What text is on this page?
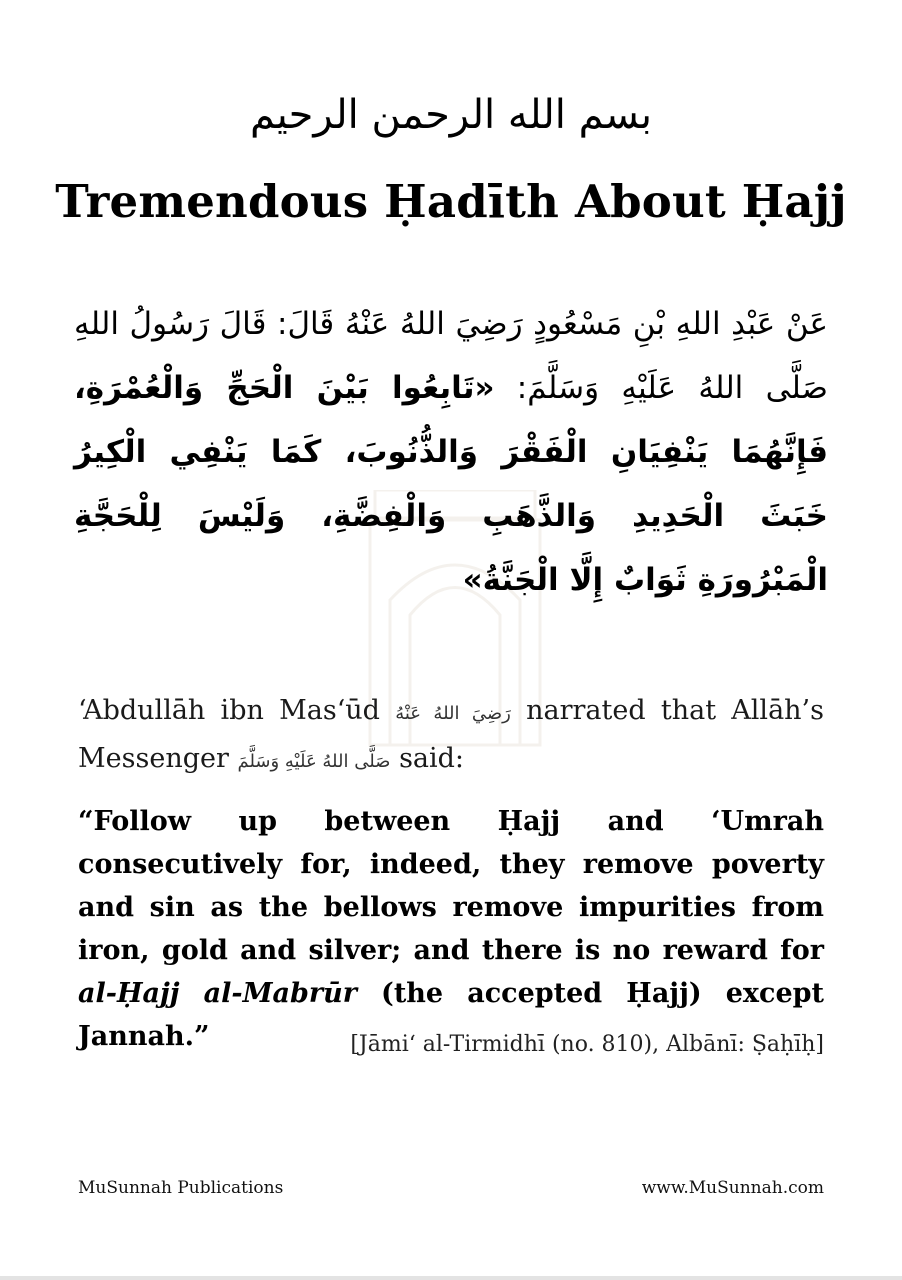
بسم الله الرحمن الرحيم
Tremendous Ḥadīth About Ḥajj
عَنْ عَبْدِ اللهِ بْنِ مَسْعُودٍ رَضِيَ اللهُ عَنْهُ قَالَ: قَالَ رَسُولُ اللهِ صَلَّى اللهُ عَلَيْهِ وَسَلَّمَ: «تَابِعُوا بَيْنَ الْحَجِّ وَالْعُمْرَةِ، فَإِنَّهُمَا يَنْفِيَانِ الْفَقْرَ وَالذُّنُوبَ، كَمَا يَنْفِي الْكِيرُ خَبَثَ الْحَدِيدِ وَالذَّهَبِ وَالْفِضَّةِ، وَلَيْسَ لِلْحَجَّةِ الْمَبْرُورَةِ ثَوَابٌ إِلَّا الْجَنَّةُ»
‘Abdullāh ibn Mas‘ūd رَضِيَ اللهُ عَنْهُ narrated that Allāh’s Messenger صَلَّى اللهُ عَلَيْهِ وَسَلَّمَ said:
“Follow up between Ḥajj and ‘Umrah consecutively for, indeed, they remove poverty and sin as the bellows remove impurities from iron, gold and silver; and there is no reward for al-Ḥajj al-Mabrūr (the accepted Ḥajj) except Jannah.”	[Jāmi‘ al-Tirmidhī (no. 810), Albānī: Ṣaḥīḥ]
MuSunnah Publications	www.MuSunnah.com
